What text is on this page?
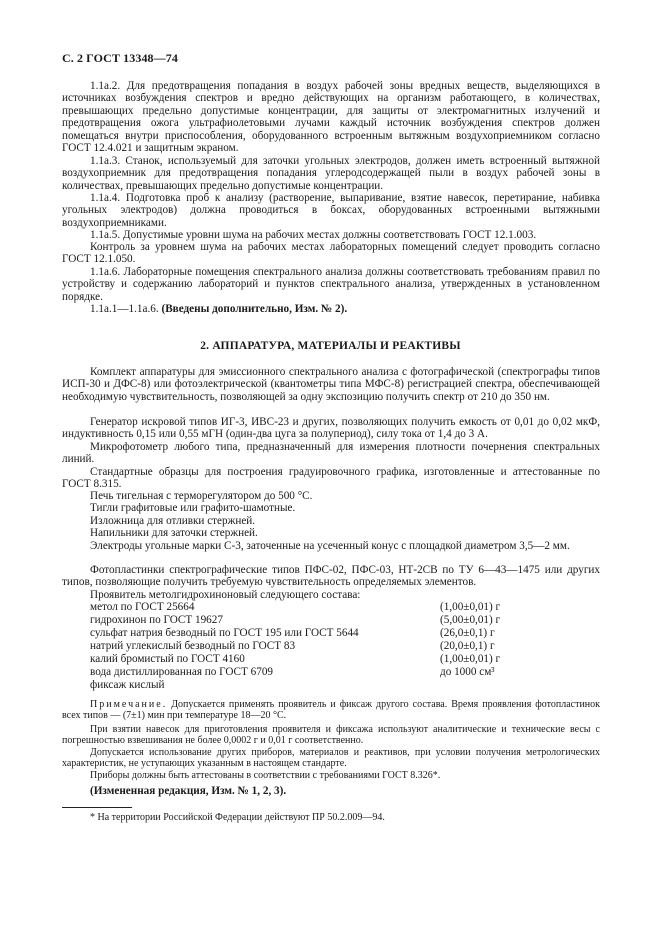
С. 2 ГОСТ 13348—74
1.1а.2. Для предотвращения попадания в воздух рабочей зоны вредных веществ, выделяющихся в источниках возбуждения спектров и вредно действующих на организм работающего, в количествах, превышающих предельно допустимые концентрации, для защиты от электромагнитных излучений и предотвращения ожога ультрафиолетовыми лучами каждый источник возбуждения спектров должен помещаться внутри приспособления, оборудованного встроенным вытяжным воздухоприемником согласно ГОСТ 12.4.021 и защитным экраном.
1.1а.3. Станок, используемый для заточки угольных электродов, должен иметь встроенный вытяжной воздухоприемник для предотвращения попадания углеродсодержащей пыли в воздух рабочей зоны в количествах, превышающих предельно допустимые концентрации.
1.1а.4. Подготовка проб к анализу (растворение, выпаривание, взятие навесок, перетирание, набивка угольных электродов) должна проводиться в боксах, оборудованных встроенными вытяжными воздухоприемниками.
1.1а.5. Допустимые уровни шума на рабочих местах должны соответствовать ГОСТ 12.1.003.
Контроль за уровнем шума на рабочих местах лабораторных помещений следует проводить согласно ГОСТ 12.1.050.
1.1а.6. Лабораторные помещения спектрального анализа должны соответствовать требованиям правил по устройству и содержанию лабораторий и пунктов спектрального анализа, утвержденных в установленном порядке.
1.1а.1—1.1а.6. (Введены дополнительно, Изм. № 2).
2. АППАРАТУРА, МАТЕРИАЛЫ И РЕАКТИВЫ
Комплект аппаратуры для эмиссионного спектрального анализа с фотографической (спектрографы типов ИСП-30 и ДФС-8) или фотоэлектрической (квантометры типа МФС-8) регистрацией спектра, обеспечивающей необходимую чувствительность, позволяющей за одну экспозицию получить спектр от 210 до 350 нм.
Генератор искровой типов ИГ-3, ИВС-23 и других, позволяющих получить емкость от 0,01 до 0,02 мкФ, индуктивность 0,15 или 0,55 мГН (один-два цуга за полупериод), силу тока от 1,4 до 3 А.
Микрофотометр любого типа, предназначенный для измерения плотности почернения спектральных линий.
Стандартные образцы для построения градуировочного графика, изготовленные и аттестованные по ГОСТ 8.315.
Печь тигельная с терморегулятором до 500 °С.
Тигли графитовые или графито-шамотные.
Изложница для отливки стержней.
Напильники для заточки стержней.
Электроды угольные марки С-3, заточенные на усеченный конус с площадкой диаметром 3,5—2 мм.
Фотопластинки спектрографические типов ПФС-02, ПФС-03, НТ-2СВ по ТУ 6—43—1475 или других типов, позволяющие получить требуемую чувствительность определяемых элементов.
Проявитель метолгидрохиноновый следующего состава:
метол по ГОСТ 25664	(1,00±0,01) г
гидрохинон по ГОСТ 19627	(5,00±0,01) г
сульфат натрия безводный по ГОСТ 195 или ГОСТ 5644	(26,0±0,1) г
натрий углекислый безводный по ГОСТ 83	(20,0±0,1) г
калий бромистый по ГОСТ 4160	(1,00±0,01) г
вода дистиллированная по ГОСТ 6709	до 1000 см³
фиксаж кислый
Примечание. Допускается применять проявитель и фиксаж другого состава. Время проявления фотопластинок всех типов — (7±1) мин при температуре 18—20 °С.
При взятии навесок для приготовления проявителя и фиксажа используют аналитические и технические весы с погрешностью взвешивания не более 0,0002 г и 0,01 г соответственно.
Допускается использование других приборов, материалов и реактивов, при условии получения метрологических характеристик, не уступающих указанным в настоящем стандарте.
Приборы должны быть аттестованы в соответствии с требованиями ГОСТ 8.326*.
(Измененная редакция, Изм. № 1, 2, 3).
* На территории Российской Федерации действуют ПР 50.2.009—94.
